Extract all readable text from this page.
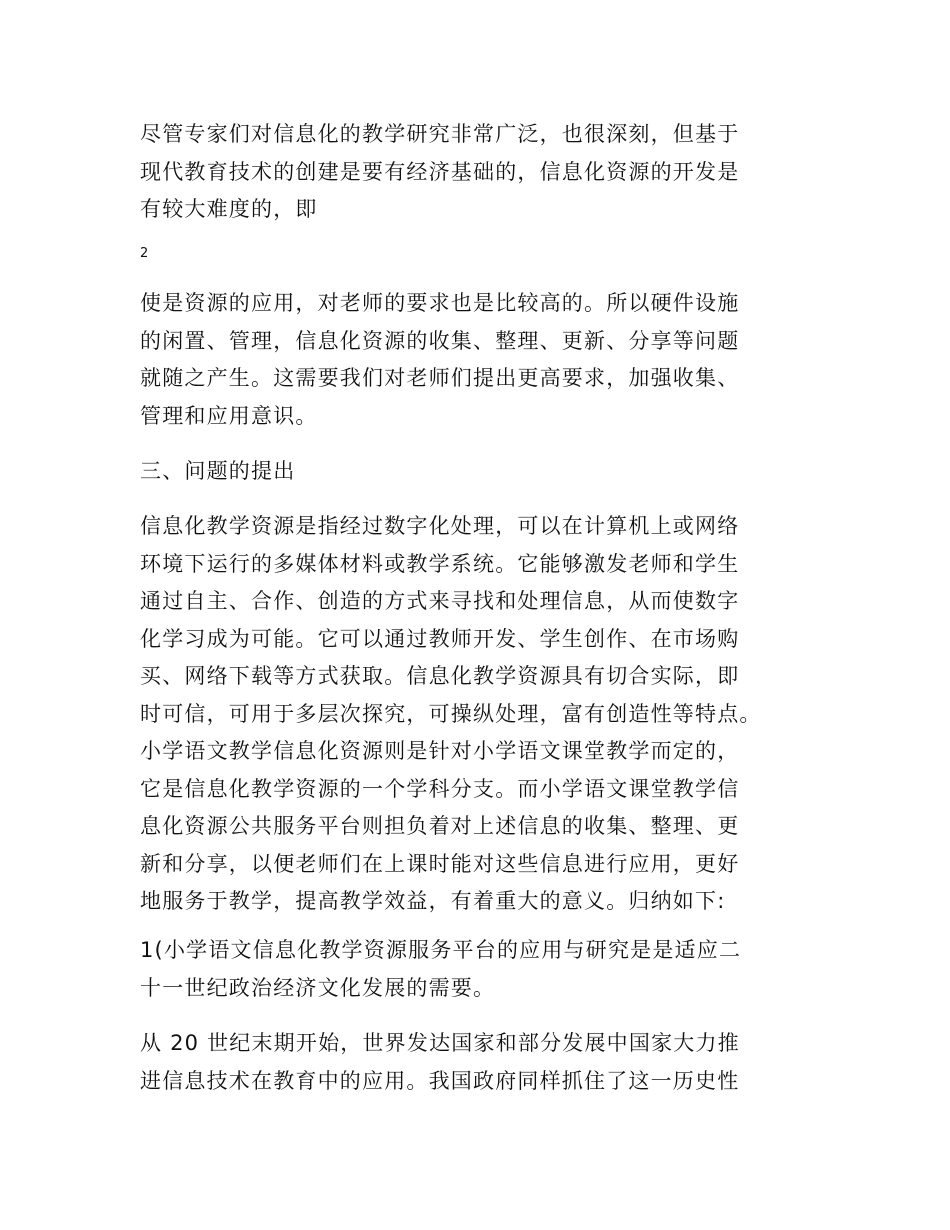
尽管专家们对信息化的教学研究非常广泛，也很深刻，但基于
现代教育技术的创建是要有经济基础的，信息化资源的开发是
有较大难度的，即

2

使是资源的应用，对老师的要求也是比较高的。所以硬件设施
的闲置、管理，信息化资源的收集、整理、更新、分享等问题
就随之产生。这需要我们对老师们提出更高要求，加强收集、
管理和应用意识。

三、问题的提出

信息化教学资源是指经过数字化处理，可以在计算机上或网络
环境下运行的多媒体材料或教学系统。它能够激发老师和学生
通过自主、合作、创造的方式来寻找和处理信息，从而使数字
化学习成为可能。它可以通过教师开发、学生创作、在市场购
买、网络下载等方式获取。信息化教学资源具有切合实际，即
时可信，可用于多层次探究，可操纵处理，富有创造性等特点。
小学语文教学信息化资源则是针对小学语文课堂教学而定的，
它是信息化教学资源的一个学科分支。而小学语文课堂教学信
息化资源公共服务平台则担负着对上述信息的收集、整理、更
新和分享，以便老师们在上课时能对这些信息进行应用，更好
地服务于教学，提高教学效益，有着重大的意义。归纳如下:

1(小学语文信息化教学资源服务平台的应用与研究是是适应二
十一世纪政治经济文化发展的需要。

从 20 世纪末期开始，世界发达国家和部分发展中国家大力推
进信息技术在教育中的应用。我国政府同样抓住了这一历史性
